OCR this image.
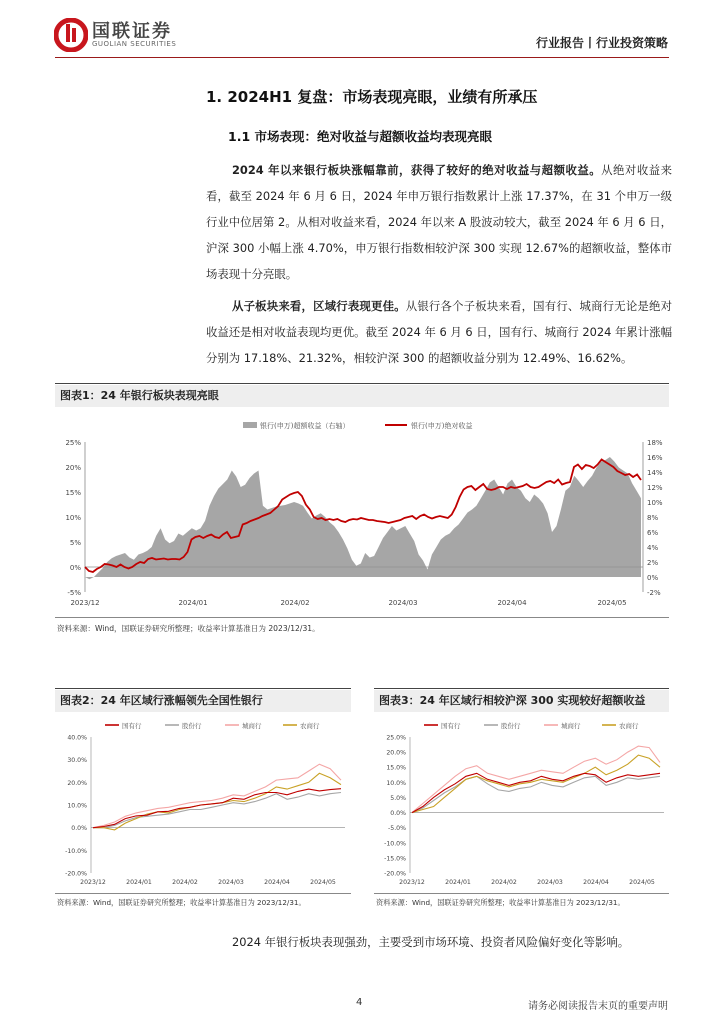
国联证券
GUOLIAN SECURITIES	行业报告丨行业投资策略
1. 2024H1 复盘：市场表现亮眼，业绩有所承压
1.1 市场表现：绝对收益与超额收益均表现亮眼

2024 年以来银行板块涨幅靠前，获得了较好的绝对收益与超额收益。从绝对收益来看，截至 2024 年 6 月 6 日，2024 年申万银行指数累计上涨 17.37%，在 31 个申万一级行业中位居第 2。从相对收益来看，2024 年以来 A 股波动较大，截至 2024 年 6 月 6 日，沪深 300 小幅上涨 4.70%，申万银行指数相较沪深 300 实现 12.67%的超额收益，整体市场表现十分亮眼。

从子板块来看，区域行表现更佳。从银行各个子板块来看，国有行、城商行无论是绝对收益还是相对收益表现均更优。截至 2024 年 6 月 6 日，国有行、城商行 2024 年累计涨幅分别为 17.18%、21.32%，相较沪深 300 的超额收益分别为 12.49%、16.62%。

图表1：24 年银行板块表现亮眼
银行(申万)超额收益（右轴）	银行(申万)绝对收益
25%
20%
15%
10%
5%
0%
-5%
18%
16%
14%
12%
10%
8%
6%
4%
2%
0%
-2%
2023/12	2024/01	2024/02	2024/03	2024/04	2024/05
资料来源：Wind，国联证券研究所整理；收益率计算基准日为 2023/12/31。
图表2：24 年区域行涨幅领先全国性银行
国有行	股份行	城商行	农商行
40.0%
30.0%
20.0%
10.0%
0.0%
-10.0%
-20.0%
2023/12	2024/01	2024/02	2024/03	2024/04	2024/05
资料来源：Wind，国联证券研究所整理；收益率计算基准日为 2023/12/31。
图表3：24 年区域行相较沪深 300 实现较好超额收益
国有行	股份行	城商行	农商行
25.0%
20.0%
15.0%
10.0%
5.0%
0.0%
-5.0%
-10.0%
-15.0%
-20.0%
2023/12	2024/01	2024/02	2024/03	2024/04	2024/05
资料来源：Wind，国联证券研究所整理；收益率计算基准日为 2023/12/31。

2024 年银行板块表现强劲，主要受到市场环境、投资者风险偏好变化等影响。

4	请务必阅读报告末页的重要声明
